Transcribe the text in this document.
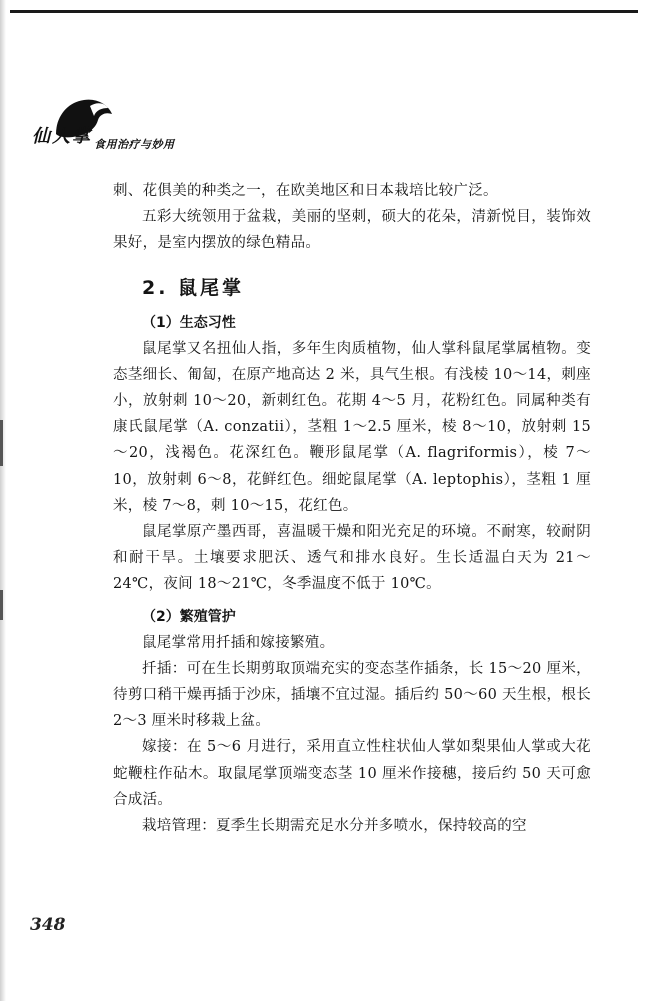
仙人掌 食用治疗与妙用

刺、花俱美的种类之一，在欧美地区和日本栽培比较广泛。

五彩大统领用于盆栽，美丽的坚刺，硕大的花朵，清新悦目，装饰效果好，是室内摆放的绿色精品。

2. 鼠尾掌
（1）生态习性

鼠尾掌又名扭仙人指，多年生肉质植物，仙人掌科鼠尾掌属植物。变态茎细长、匍匐，在原产地高达 2 米，具气生根。有浅棱 10～14，刺座小，放射刺 10～20，新刺红色。花期 4～5 月，花粉红色。同属种类有康氏鼠尾掌（A. conzatii），茎粗 1～2.5 厘米，棱 8～10，放射刺 15～20，浅褐色。花深红色。鞭形鼠尾掌（A. flagriformis），棱 7～10，放射刺 6～8，花鲜红色。细蛇鼠尾掌（A. leptophis），茎粗 1 厘米，棱 7～8，刺 10～15，花红色。

鼠尾掌原产墨西哥，喜温暖干燥和阳光充足的环境。不耐寒，较耐阴和耐干旱。土壤要求肥沃、透气和排水良好。生长适温白天为 21～24℃，夜间 18～21℃，冬季温度不低于 10℃。

（2）繁殖管护

鼠尾掌常用扦插和嫁接繁殖。

扦插：可在生长期剪取顶端充实的变态茎作插条，长 15～20 厘米，待剪口稍干燥再插于沙床，插壤不宜过湿。插后约 50～60 天生根，根长 2～3 厘米时移栽上盆。

嫁接：在 5～6 月进行，采用直立性柱状仙人掌如梨果仙人掌或大花蛇鞭柱作砧木。取鼠尾掌顶端变态茎 10 厘米作接穗，接后约 50 天可愈合成活。

栽培管理：夏季生长期需充足水分并多喷水，保持较高的空

348
